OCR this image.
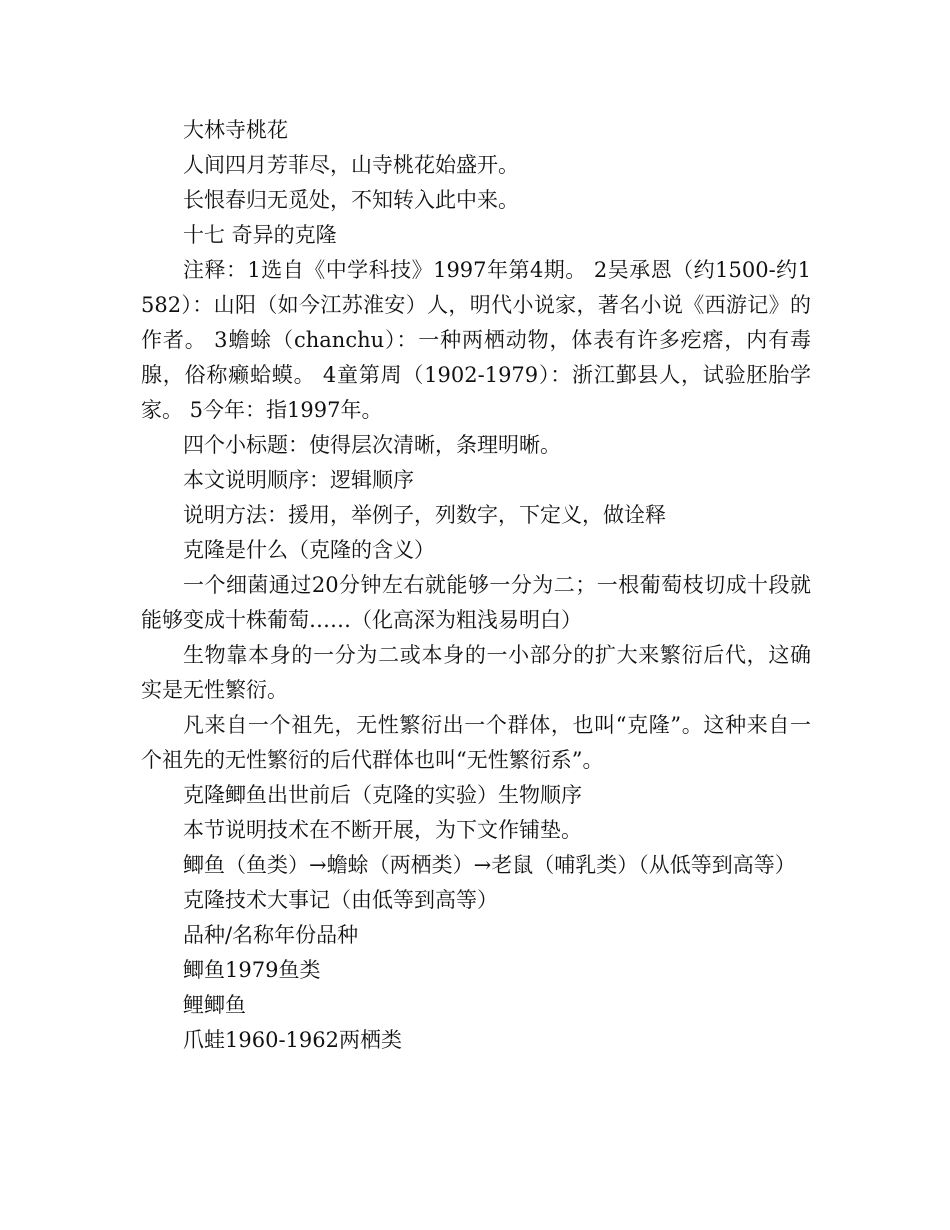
大林寺桃花

人间四月芳菲尽，山寺桃花始盛开。

长恨春归无觅处，不知转入此中来。

十七 奇异的克隆

注释：1选自《中学科技》1997年第4期。 2吴承恩（约1500-约1582）：山阳（如今江苏淮安）人，明代小说家，著名小说《西游记》的作者。 3蟾蜍（chanchu）：一种两栖动物，体表有许多疙瘩，内有毒腺，俗称癞蛤蟆。 4童第周（1902-1979）：浙江鄞县人，试验胚胎学家。 5今年：指1997年。

四个小标题：使得层次清晰，条理明晰。

本文说明顺序：逻辑顺序

说明方法：援用，举例子，列数字，下定义，做诠释

克隆是什么（克隆的含义）

一个细菌通过20分钟左右就能够一分为二；一根葡萄枝切成十段就能够变成十株葡萄……（化高深为粗浅易明白）

生物靠本身的一分为二或本身的一小部分的扩大来繁衍后代，这确实是无性繁衍。

凡来自一个祖先，无性繁衍出一个群体，也叫“克隆”。这种来自一个祖先的无性繁衍的后代群体也叫“无性繁衍系”。

克隆鲫鱼出世前后（克隆的实验）生物顺序

本节说明技术在不断开展，为下文作铺垫。

鲫鱼（鱼类）→蟾蜍（两栖类）→老鼠（哺乳类）（从低等到高等）

克隆技术大事记（由低等到高等）

品种/名称年份品种

鲫鱼1979鱼类

鲤鲫鱼

爪蛙1960-1962两栖类
